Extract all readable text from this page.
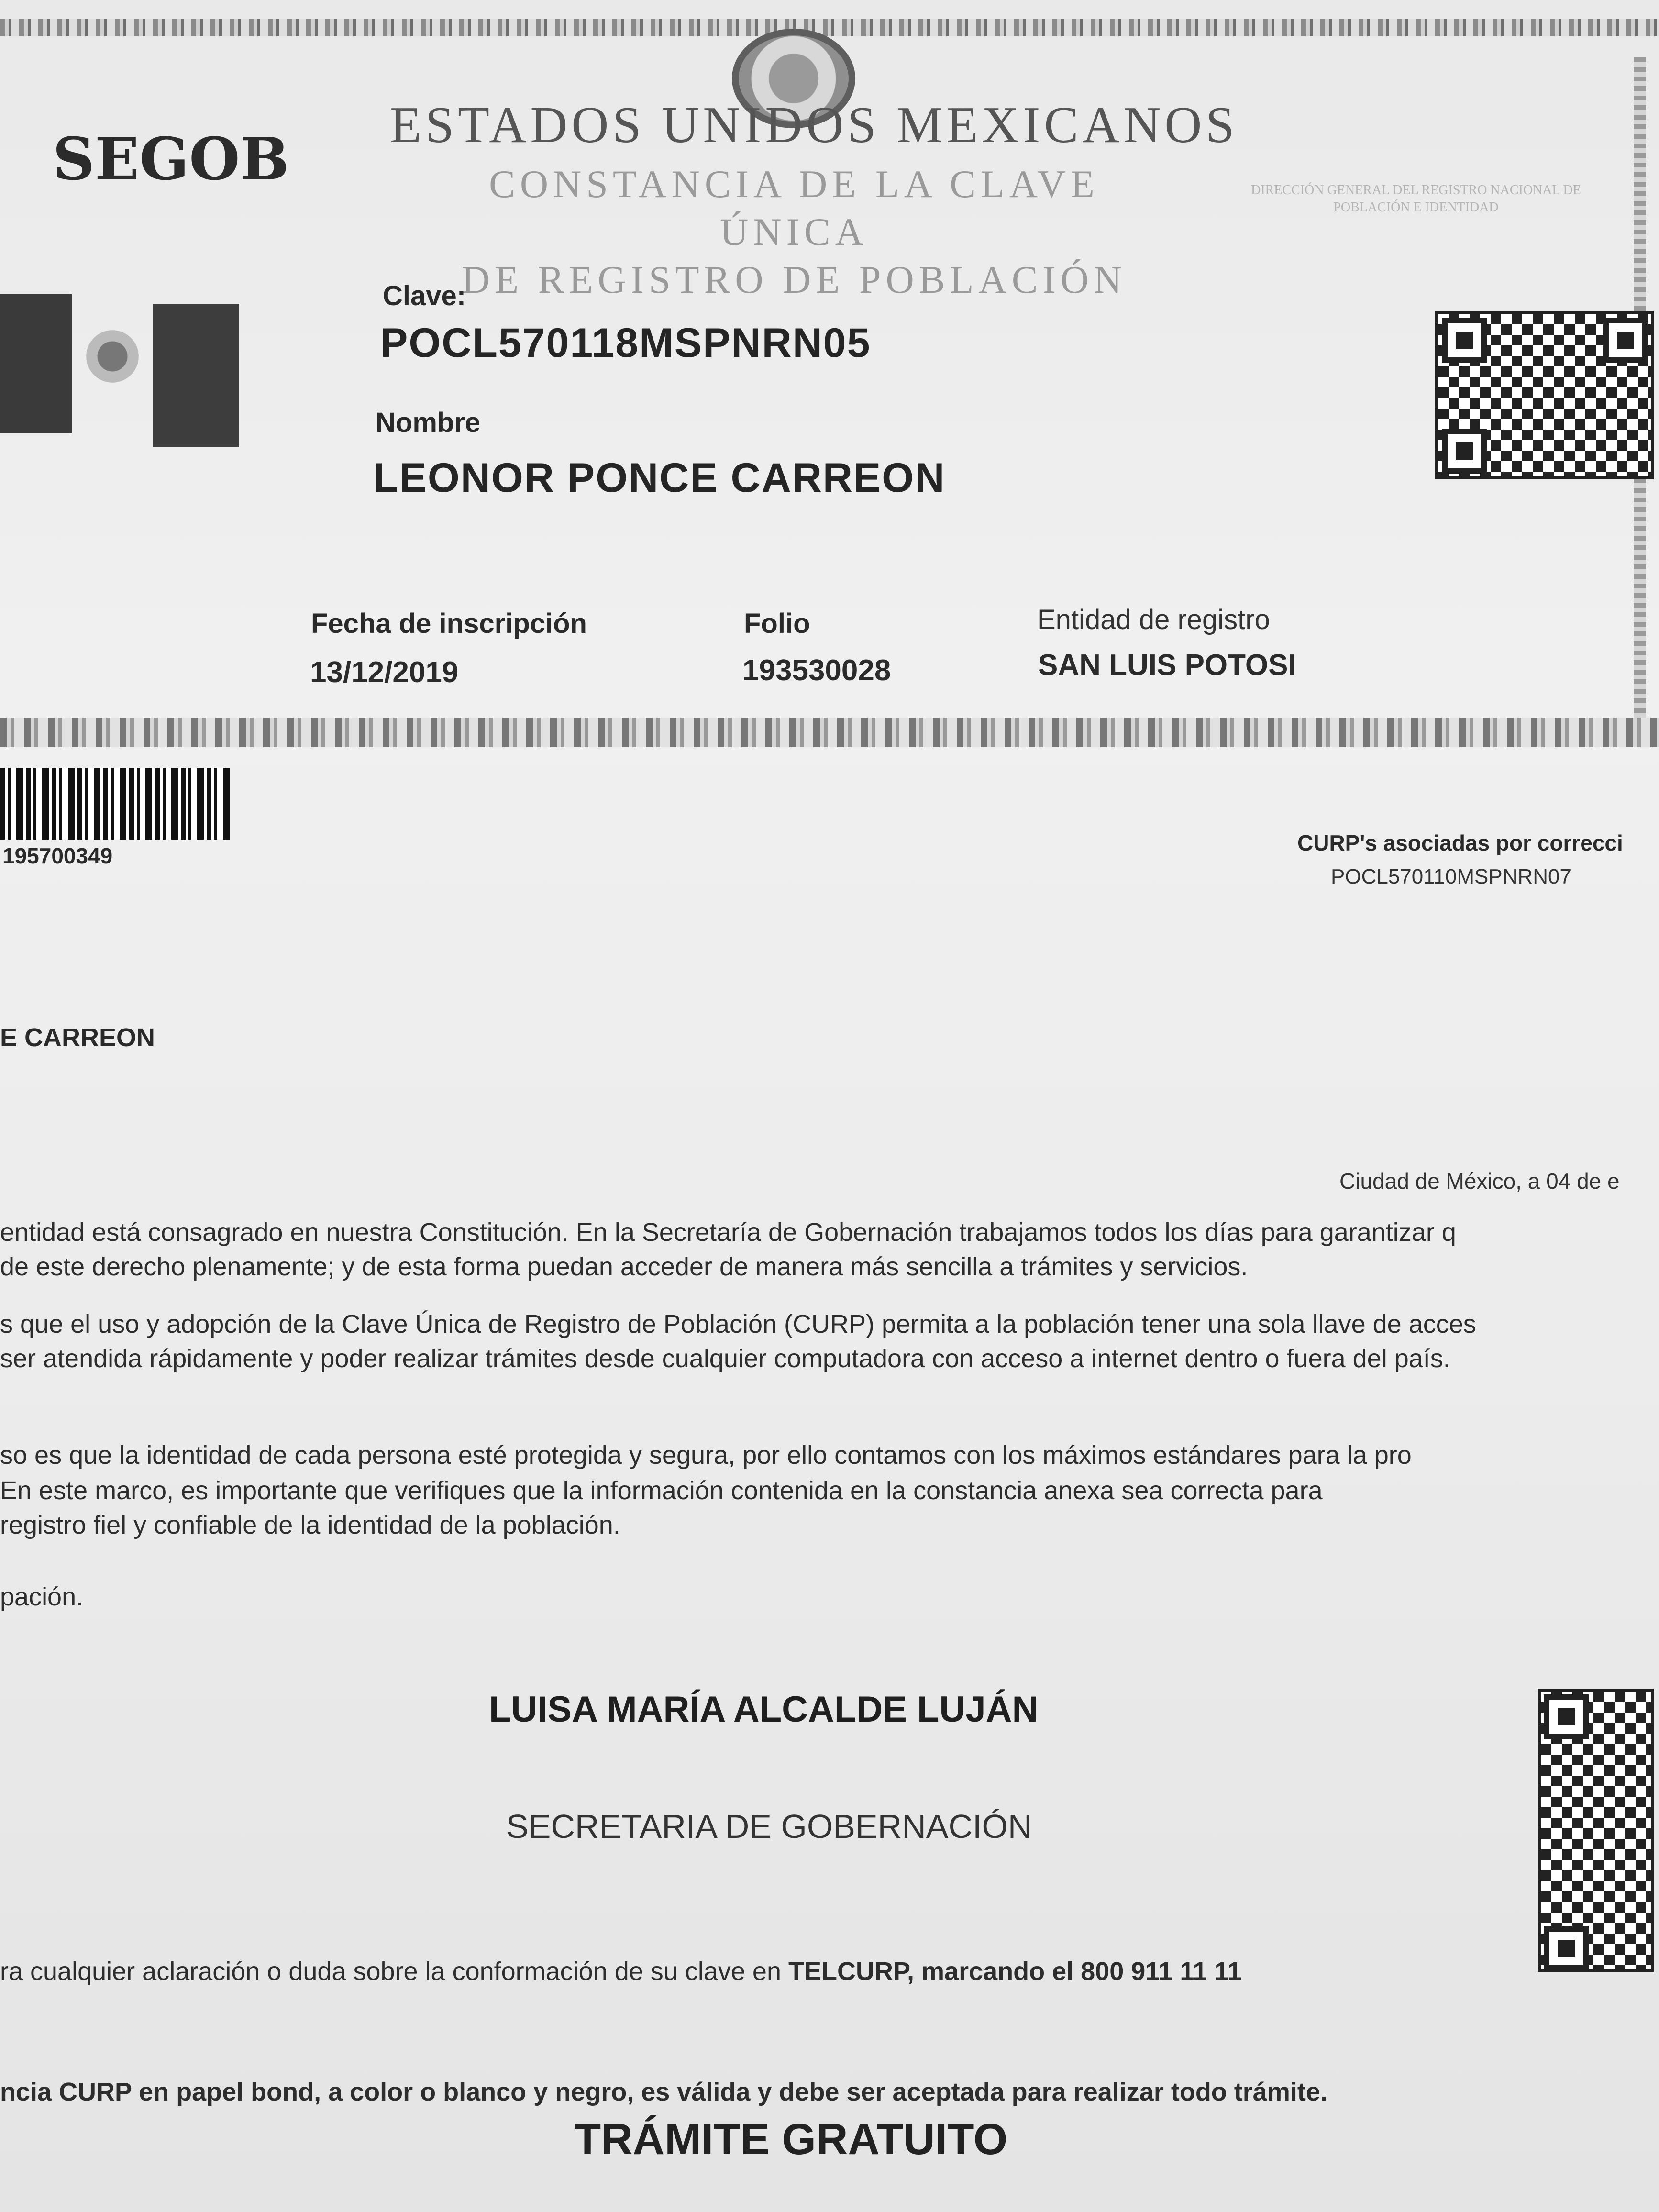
SEGOB ESTADOS UNIDOS MEXICANOS
CONSTANCIA DE LA CLAVE ÚNICA
DE REGISTRO DE POBLACIÓN
DIRECCIÓN GENERAL DEL REGISTRO NACIONAL DE POBLACIÓN E IDENTIDAD
Clave:
POCL570118MSPNRN05
Nombre
LEONOR PONCE CARREON
Fecha de inscripción
13/12/2019
Folio
193530028
Entidad de registro
SAN LUIS POTOSI
195700349
CURP's asociadas por correcci
POCL570110MSPNRN07
E CARREON
Ciudad de México, a 04 de e
entidad está consagrado en nuestra Constitución. En la Secretaría de Gobernación trabajamos todos los días para garantizar q
de este derecho plenamente; y de esta forma puedan acceder de manera más sencilla a trámites y servicios.
s que el uso y adopción de la Clave Única de Registro de Población (CURP) permita a la población tener una sola llave de acces
ser atendida rápidamente y poder realizar trámites desde cualquier computadora con acceso a internet dentro o fuera del país.
so es que la identidad de cada persona esté protegida y segura, por ello contamos con los máximos estándares para la pro
En este marco, es importante que verifiques que la información contenida en la constancia anexa sea correcta para
registro fiel y confiable de la identidad de la población.
pación.
LUISA MARÍA ALCALDE LUJÁN
SECRETARIA DE GOBERNACIÓN
ra cualquier aclaración o duda sobre la conformación de su clave en TELCURP, marcando el 800 911 11 11
ncia CURP en papel bond, a color o blanco y negro, es válida y debe ser aceptada para realizar todo trámite.
TRÁMITE GRATUITO
